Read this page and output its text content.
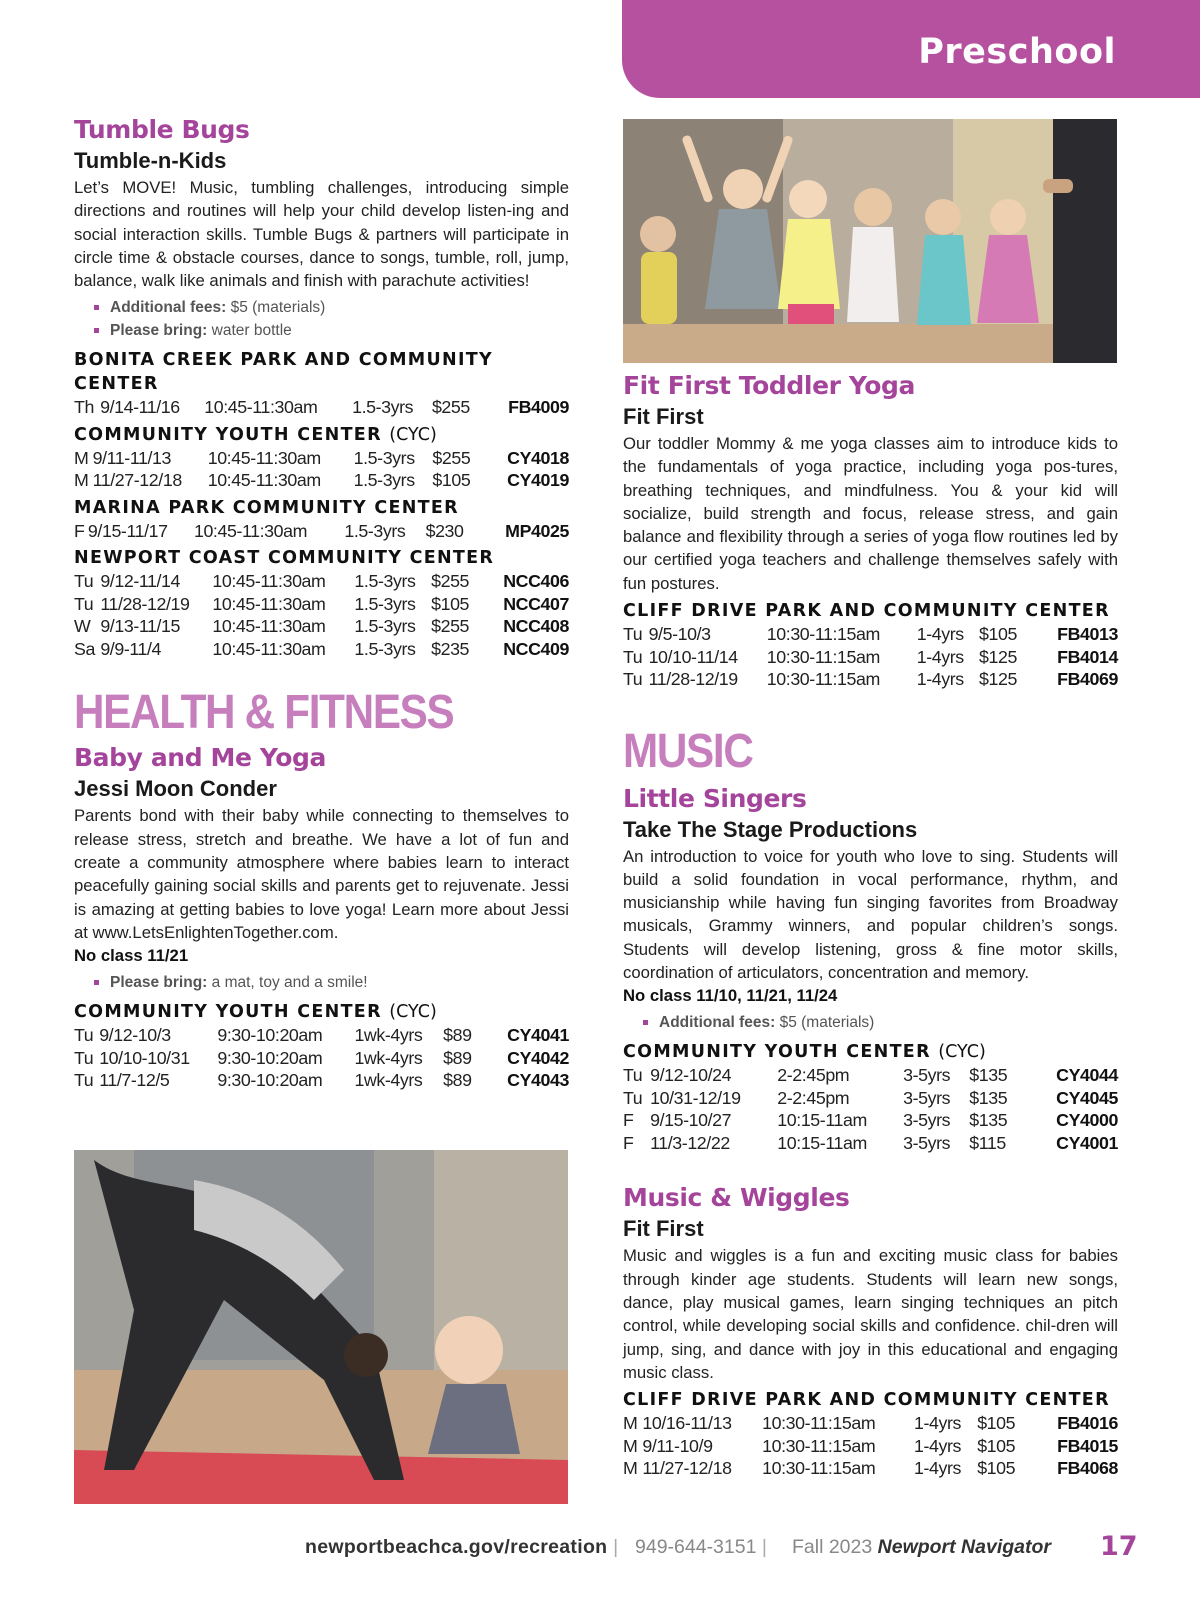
Preschool
Tumble Bugs
Tumble-n-Kids

Let’s MOVE! Music, tumbling challenges, introducing simple directions and routines will help your child develop listen-ing and social interaction skills. Tumble Bugs & partners will participate in circle time & obstacle courses, dance to songs, tumble, roll, jump, balance, walk like animals and finish with parachute activities!

Additional fees: $5 (materials)
Please bring: water bottle
BONITA CREEK PARK AND COMMUNITY CENTER
Th	9/14-11/16	10:45-11:30am	1.5-3yrs	$255	FB4009
COMMUNITY YOUTH CENTER (CYC)
M	9/11-11/13	10:45-11:30am	1.5-3yrs	$255	CY4018
M	11/27-12/18	10:45-11:30am	1.5-3yrs	$105	CY4019
MARINA PARK COMMUNITY CENTER
F	9/15-11/17	10:45-11:30am	1.5-3yrs	$230	MP4025
NEWPORT COAST COMMUNITY CENTER
Tu	9/12-11/14	10:45-11:30am	1.5-3yrs	$255	NCC406
Tu	11/28-12/19	10:45-11:30am	1.5-3yrs	$105	NCC407
W	9/13-11/15	10:45-11:30am	1.5-3yrs	$255	NCC408
Sa	9/9-11/4	10:45-11:30am	1.5-3yrs	$235	NCC409
HEALTH & FITNESS
Baby and Me Yoga
Jessi Moon Conder

Parents bond with their baby while connecting to themselves to release stress, stretch and breathe. We have a lot of fun and create a community atmosphere where babies learn to interact peacefully gaining social skills and parents get to rejuvenate. Jessi is amazing at getting babies to love yoga! Learn more about Jessi at www.LetsEnlightenTogether.com.

No class 11/21
Please bring: a mat, toy and a smile!
COMMUNITY YOUTH CENTER (CYC)
Tu	9/12-10/3	9:30-10:20am	1wk-4yrs	$89	CY4041
Tu	10/10-10/31	9:30-10:20am	1wk-4yrs	$89	CY4042
Tu	11/7-12/5	9:30-10:20am	1wk-4yrs	$89	CY4043
Fit First Toddler Yoga
Fit First

Our toddler Mommy & me yoga classes aim to introduce kids to the fundamentals of yoga practice, including yoga pos-tures, breathing techniques, and mindfulness. You & your kid will socialize, build strength and focus, release stress, and gain balance and flexibility through a series of yoga flow routines led by our certified yoga teachers and challenge themselves safely with fun postures.

CLIFF DRIVE PARK AND COMMUNITY CENTER
Tu	9/5-10/3	10:30-11:15am	1-4yrs	$105	FB4013
Tu	10/10-11/14	10:30-11:15am	1-4yrs	$125	FB4014
Tu	11/28-12/19	10:30-11:15am	1-4yrs	$125	FB4069
MUSIC
Little Singers
Take The Stage Productions

An introduction to voice for youth who love to sing. Students will build a solid foundation in vocal performance, rhythm, and musicianship while having fun singing favorites from Broadway musicals, Grammy winners, and popular children’s songs. Students will develop listening, gross & fine motor skills, coordination of articulators, concentration and memory.

No class 11/10, 11/21, 11/24
Additional fees: $5 (materials)
COMMUNITY YOUTH CENTER (CYC)
Tu	9/12-10/24	2-2:45pm	3-5yrs	$135	CY4044
Tu	10/31-12/19	2-2:45pm	3-5yrs	$135	CY4045
F	9/15-10/27	10:15-11am	3-5yrs	$135	CY4000
F	11/3-12/22	10:15-11am	3-5yrs	$115	CY4001
Music & Wiggles
Fit First

Music and wiggles is a fun and exciting music class for babies through kinder age students. Students will learn new songs, dance, play musical games, learn singing techniques an pitch control, while developing social skills and confidence. chil-dren will jump, sing, and dance with joy in this educational and engaging music class.

CLIFF DRIVE PARK AND COMMUNITY CENTER
M	10/16-11/13	10:30-11:15am	1-4yrs	$105	FB4016
M	9/11-10/9	10:30-11:15am	1-4yrs	$105	FB4015
M	11/27-12/18	10:30-11:15am	1-4yrs	$105	FB4068
newportbeachca.gov/recreation | 949-644-3151 | Fall 2023 Newport Navigator 17
